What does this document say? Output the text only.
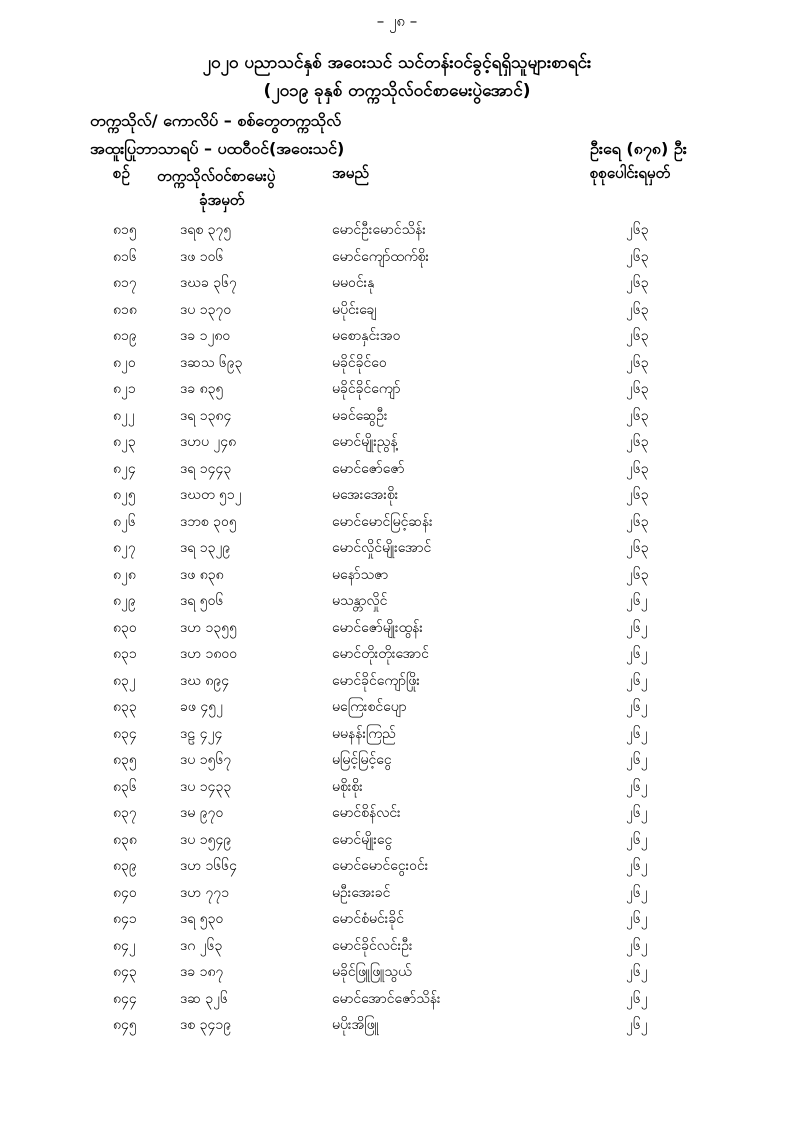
– ၂၈ –
၂၀၂၀ ပညာသင်နှစ် အဝေးသင် သင်တန်းဝင်ခွင့်ရရှိသူများစာရင်း
(၂၀၁၉ ခုနှစ် တက္ကသိုလ်ဝင်စာမေးပွဲအောင်)
တက္ကသိုလ်/ ကောလိပ် – စစ်တွေတက္ကသိုလ်
အထူးပြုဘာသာရပ် – ပထဝီဝင်(အဝေးသင်)	ဦးရေ (၈၇၈) ဦး
စဉ် တက္ကသိုလ်ဝင်စာမေးပွဲ
ခုံအမှတ်
အမည်	စုစုပေါင်းရမှတ်
၈၁၅	ဒရစ ၃၇၅	မောင်ဦးမောင်သိန်း	၂၆၃
၈၁၆	ဒဖ ၁၀၆	မောင်ကျော်ထက်စိုး	၂၆၃
၈၁၇	ဒဃခ ၃၆၇	မမဝင်းနု	၂၆၃
၈၁၈	ဒပ ၁၃၇၀	မပိုင်းချေ	၂၆၃
၈၁၉	ဒခ ၁၂၈၀	မစောနှင်းအဝ	၂၆၃
၈၂၀	ဒဆသ ၆၉၃	မခိုင်ခိုင်ဝေ	၂၆၃
၈၂၁	ဒခ ၈၃၅	မခိုင်ခိုင်ကျော်	၂၆၃
၈၂၂	ဒရ ၁၃၈၄	မခင်ဆွေဦး	၂၆၃
၈၂၃	ဒဟပ ၂၄၈	မောင်မျိုးညွန့်	၂၆၃
၈၂၄	ဒရ ၁၄၄၃	မောင်ဇော်ဇော်	၂၆၃
၈၂၅	ဒဃတ ၅၁၂	မအေးအေးစိုး	၂၆၃
၈၂၆	ဒဘစ ၃၀၅	မောင်မောင်မြင့်ဆန်း	၂၆၃
၈၂၇	ဒရ ၁၃၂၉	မောင်လှိုင်မျိုးအောင်	၂၆၃
၈၂၈	ဒဖ ၈၃၈	မနော်သဇာ	၂၆၃
၈၂၉	ဒရ ၅၀၆	မသန္တာလှိုင်	၂၆၂
၈၃၀	ဒဟ ၁၃၅၅	မောင်ဇော်မျိုးထွန်း	၂၆၂
၈၃၁	ဒဟ ၁၈၀၀	မောင်တိုးတိုးအောင်	၂၆၂
၈၃၂	ဒဃ ၈၉၄	မောင်ခိုင်ကျော်ဖြိုး	၂၆၂
၈၃၃	ခဖ ၄၅၂	မကြေးစင်ပျော	၂၆၂
၈၃၄	ဒဠ ၄၂၄	မမနန်းကြည်	၂၆၂
၈၃၅	ဒပ ၁၅၆၇	မမြင့်မြင့်ငွေ	၂၆၂
၈၃၆	ဒပ ၁၄၃၃	မစိုးစိုး	၂၆၂
၈၃၇	ဒမ ၉၇၀	မောင်စိန်လင်း	၂၆၂
၈၃၈	ဒပ ၁၅၄၉	မောင်မျိုးငွေ	၂၆၂
၈၃၉	ဒဟ ၁၆၆၄	မောင်မောင်ငွေးဝင်း	၂၆၂
၈၄၀	ဒဟ ၇၇၁	မဦးအေးခင်	၂၆၂
၈၄၁	ဒရ ၅၃၀	မောင်စံမင်းခိုင်	၂၆၂
၈၄၂	ဒဂ ၂၆၃	မောင်ခိုင်လင်းဦး	၂၆၂
၈၄၃	ဒခ ၁၈၇	မခိုင်ဖြူဖြူသွယ်	၂၆၂
၈၄၄	ဒဆ ၃၂၆	မောင်အောင်ဇော်သိန်း	၂၆၂
၈၄၅	ဒစ ၃၄၁၉	မပိုးအိဖြူ	၂၆၂
